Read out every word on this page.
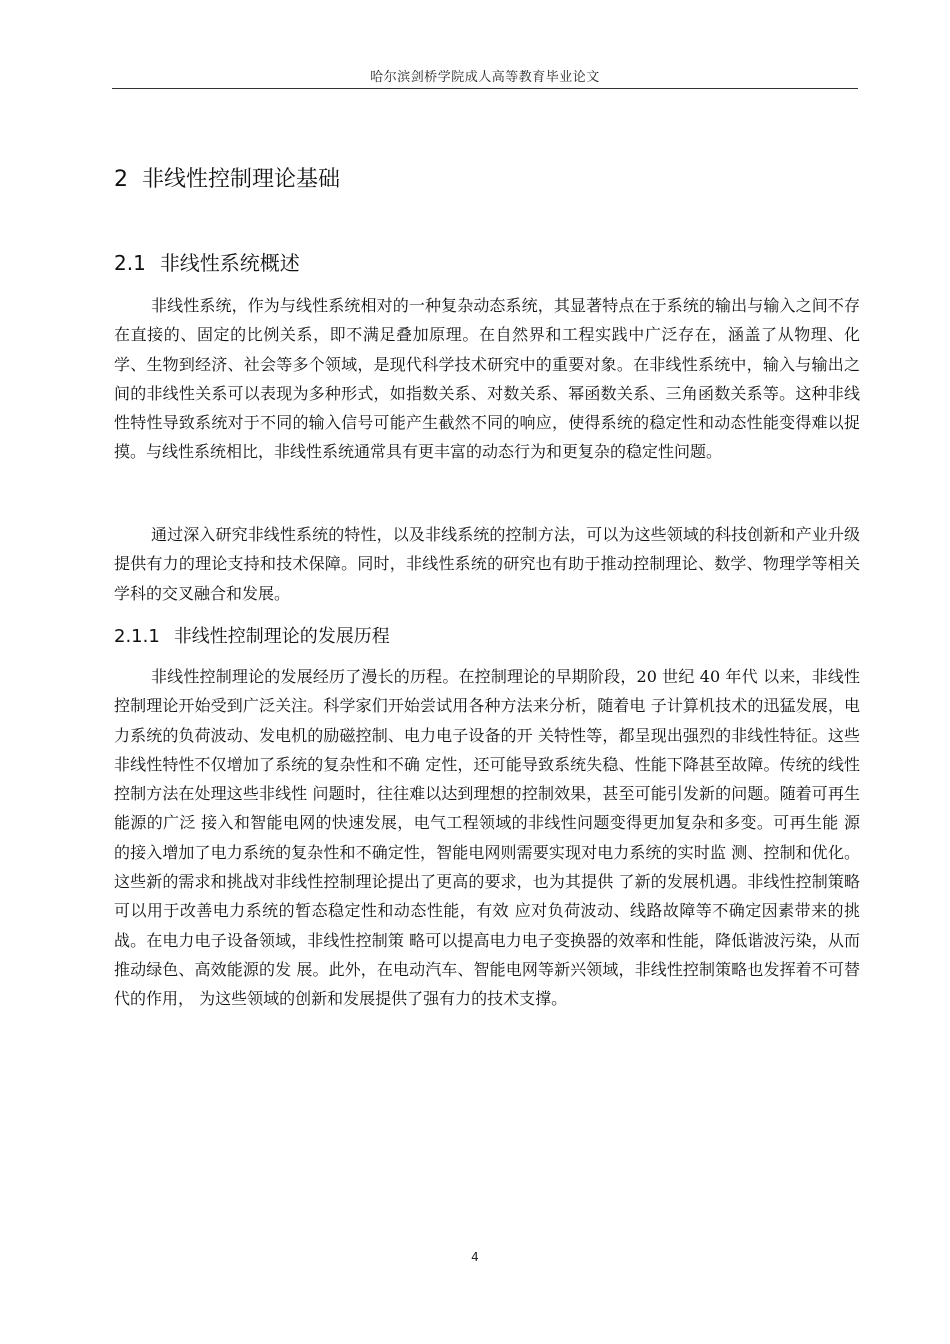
哈尔滨剑桥学院成人高等教育毕业论文
2 非线性控制理论基础
2.1 非线性系统概述

非线性系统，作为与线性系统相对的一种复杂动态系统，其显著特点在于系统的输出与输入之间不存在直接的、固定的比例关系，即不满足叠加原理。在自然界和工程实践中广泛存在，涵盖了从物理、化学、生物到经济、社会等多个领域，是现代科学技术研究中的重要对象。在非线性系统中，输入与输出之间的非线性关系可以表现为多种形式，如指数关系、对数关系、幂函数关系、三角函数关系等。这种非线性特性导致系统对于不同的输入信号可能产生截然不同的响应，使得系统的稳定性和动态性能变得难以捉摸。与线性系统相比，非线性系统通常具有更丰富的动态行为和更复杂的稳定性问题。

通过深入研究非线性系统的特性，以及非线系统的控制方法，可以为这些领域的科技创新和产业升级提供有力的理论支持和技术保障。同时，非线性系统的研究也有助于推动控制理论、数学、物理学等相关学科的交叉融合和发展。

2.1.1 非线性控制理论的发展历程

非线性控制理论的发展经历了漫长的历程。在控制理论的早期阶段，20 世纪 40 年代 以来，非线性控制理论开始受到广泛关注。科学家们开始尝试用各种方法来分析，随着电 子计算机技术的迅猛发展，电力系统的负荷波动、发电机的励磁控制、电力电子设备的开 关特性等，都呈现出强烈的非线性特征。这些非线性特性不仅增加了系统的复杂性和不确 定性，还可能导致系统失稳、性能下降甚至故障。传统的线性控制方法在处理这些非线性 问题时，往往难以达到理想的控制效果，甚至可能引发新的问题。随着可再生能源的广泛 接入和智能电网的快速发展，电气工程领域的非线性问题变得更加复杂和多变。可再生能 源的接入增加了电力系统的复杂性和不确定性，智能电网则需要实现对电力系统的实时监 测、控制和优化。这些新的需求和挑战对非线性控制理论提出了更高的要求，也为其提供 了新的发展机遇。非线性控制策略可以用于改善电力系统的暂态稳定性和动态性能，有效 应对负荷波动、线路故障等不确定因素带来的挑战。在电力电子设备领域，非线性控制策 略可以提高电力电子变换器的效率和性能，降低谐波污染，从而推动绿色、高效能源的发 展。此外，在电动汽车、智能电网等新兴领域，非线性控制策略也发挥着不可替代的作用， 为这些领域的创新和发展提供了强有力的技术支撑。

4
